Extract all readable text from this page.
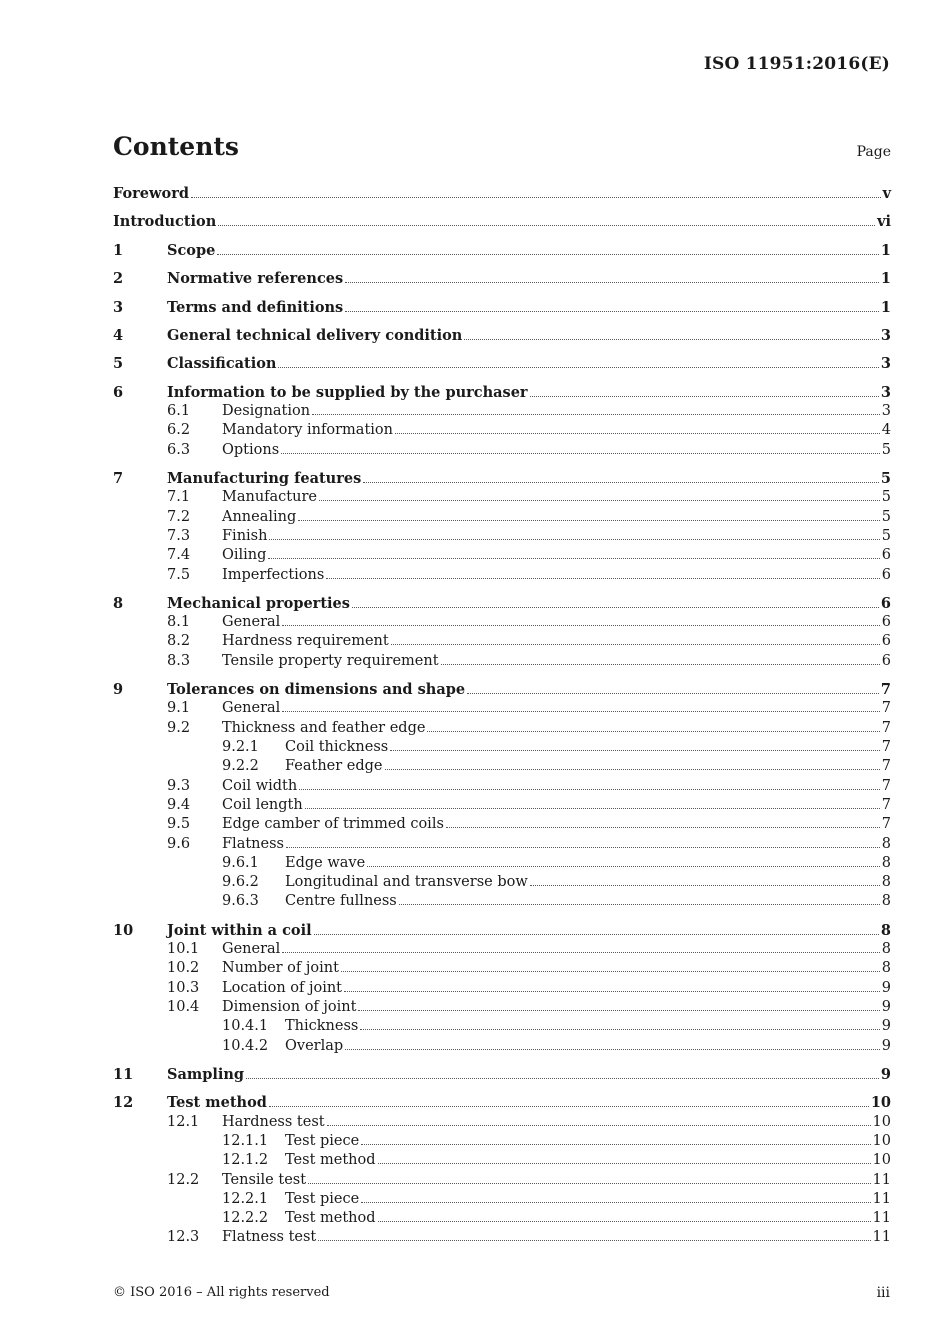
ISO 11951:2016(E)
Contents	Page
Foreword	v
Introduction	vi
1	Scope	1
2	Normative references	1
3	Terms and definitions	1
4	General technical delivery condition	3
5	Classification	3
6	Information to be supplied by the purchaser	3
6.1 Designation	3
6.2 Mandatory information	4
6.3 Options	5
7	Manufacturing features	5
7.1 Manufacture	5
7.2 Annealing	5
7.3 Finish	5
7.4 Oiling	6
7.5 Imperfections	6
8	Mechanical properties	6
8.1 General	6
8.2 Hardness requirement	6
8.3 Tensile property requirement	6
9	Tolerances on dimensions and shape	7
9.1 General	7
9.2 Thickness and feather edge	7
9.2.1 Coil thickness	7
9.2.2 Feather edge	7
9.3 Coil width	7
9.4 Coil length	7
9.5 Edge camber of trimmed coils	7
9.6 Flatness	8
9.6.1 Edge wave	8
9.6.2 Longitudinal and transverse bow	8
9.6.3 Centre fullness	8
10 Joint within a coil	8
10.1 General	8
10.2 Number of joint	8
10.3 Location of joint	9
10.4 Dimension of joint	9
10.4.1 Thickness	9
10.4.2 Overlap	9
11 Sampling	9
12 Test method	10
12.1 Hardness test	10
12.1.1 Test piece	10
12.1.2 Test method	10
12.2 Tensile test	11
12.2.1 Test piece	11
12.2.2 Test method	11
12.3 Flatness test	11
© ISO 2016 – All rights reserved	iii
